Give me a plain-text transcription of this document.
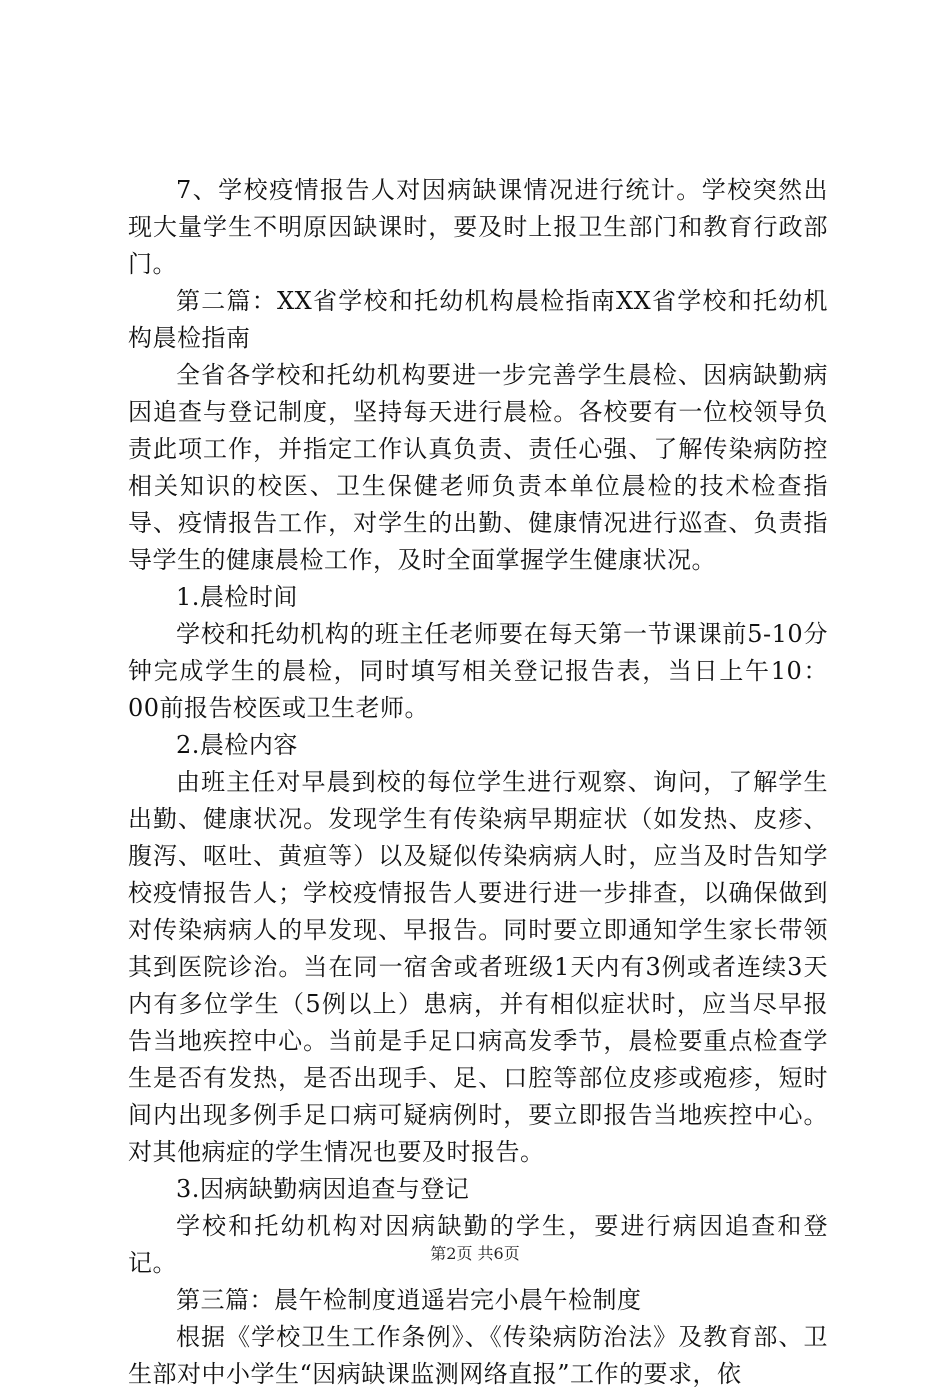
7、学校疫情报告人对因病缺课情况进行统计。学校突然出现大量学生不明原因缺课时，要及时上报卫生部门和教育行政部门。

第二篇：XX省学校和托幼机构晨检指南XX省学校和托幼机构晨检指南

全省各学校和托幼机构要进一步完善学生晨检、因病缺勤病因追查与登记制度，坚持每天进行晨检。各校要有一位校领导负责此项工作，并指定工作认真负责、责任心强、了解传染病防控相关知识的校医、卫生保健老师负责本单位晨检的技术检查指导、疫情报告工作，对学生的出勤、健康情况进行巡查、负责指导学生的健康晨检工作，及时全面掌握学生健康状况。

1.晨检时间

学校和托幼机构的班主任老师要在每天第一节课课前5-10分钟完成学生的晨检，同时填写相关登记报告表，当日上午10：00前报告校医或卫生老师。

2.晨检内容

由班主任对早晨到校的每位学生进行观察、询问，了解学生出勤、健康状况。发现学生有传染病早期症状（如发热、皮疹、腹泻、呕吐、黄疸等）以及疑似传染病病人时，应当及时告知学校疫情报告人；学校疫情报告人要进行进一步排查，以确保做到对传染病病人的早发现、早报告。同时要立即通知学生家长带领其到医院诊治。当在同一宿舍或者班级1天内有3例或者连续3天内有多位学生（5例以上）患病，并有相似症状时，应当尽早报告当地疾控中心。当前是手足口病高发季节，晨检要重点检查学生是否有发热，是否出现手、足、口腔等部位皮疹或疱疹，短时间内出现多例手足口病可疑病例时，要立即报告当地疾控中心。对其他病症的学生情况也要及时报告。

3.因病缺勤病因追查与登记

学校和托幼机构对因病缺勤的学生，要进行病因追查和登记。

第三篇：晨午检制度逍遥岩完小晨午检制度

根据《学校卫生工作条例》、《传染病防治法》及教育部、卫生部对中小学生“因病缺课监测网络直报”工作的要求，依

第2页 共6页
